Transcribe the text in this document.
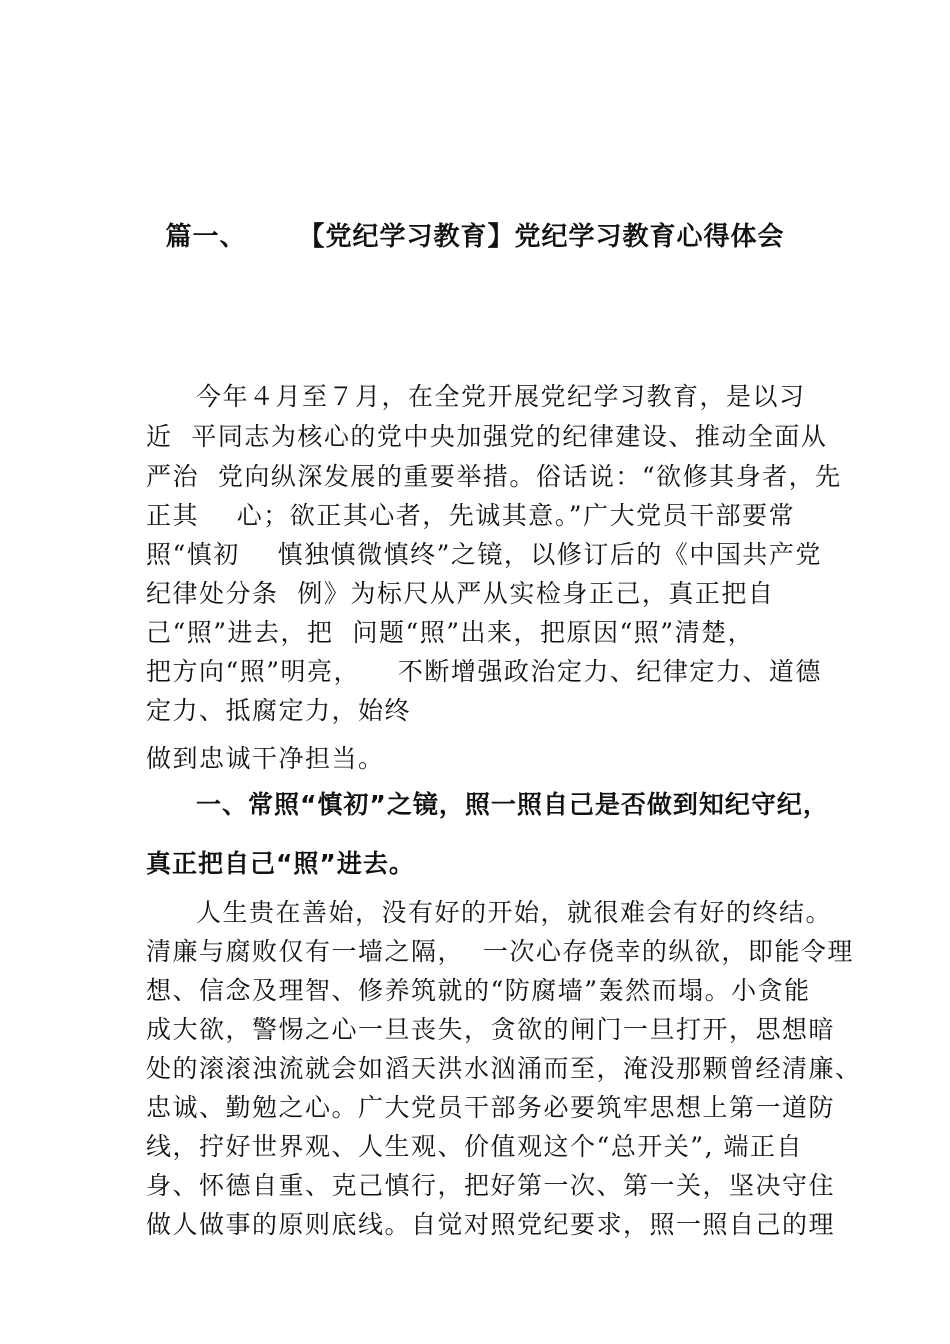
篇一、 【党纪学习教育】党纪学习教育心得体会
今年４月至７月，在全党开展党纪学习教育，是以习
近  平同志为核心的党中央加强党的纪律建设、推动全面从
严治  党向纵深发展的重要举措。俗话说：“欲修其身者，先
正其    心；欲正其心者，先诚其意。”广大党员干部要常
照“慎初    慎独慎微慎终”之镜，以修订后的《中国共产党
纪律处分条  例》为标尺从严从实检身正己，真正把自
己“照”进去，把  问题“照”出来，把原因“照”清楚，
把方向“照”明亮，    不断增强政治定力、纪律定力、道德
定力、抵腐定力，始终
做到忠诚干净担当。
一、常照“慎初”之镜，照一照自己是否做到知纪守纪，
真正把自己“照”进去。
人生贵在善始，没有好的开始，就很难会有好的终结。
清廉与腐败仅有一墙之隔，  一次心存侥幸的纵欲，即能令理
想、信念及理智、修养筑就的“防腐墙”轰然而塌。小贪能
成大欲，警惕之心一旦丧失，贪欲的闸门一旦打开，思想暗
处的滚滚浊流就会如滔天洪水汹涌而至，淹没那颗曾经清廉、
忠诚、勤勉之心。广大党员干部务必要筑牢思想上第一道防
线，拧好世界观、人生观、价值观这个“总开关”, 端正自
身、怀德自重、克己慎行，把好第一次、第一关，坚决守住
做人做事的原则底线。自觉对照党纪要求，照一照自己的理
